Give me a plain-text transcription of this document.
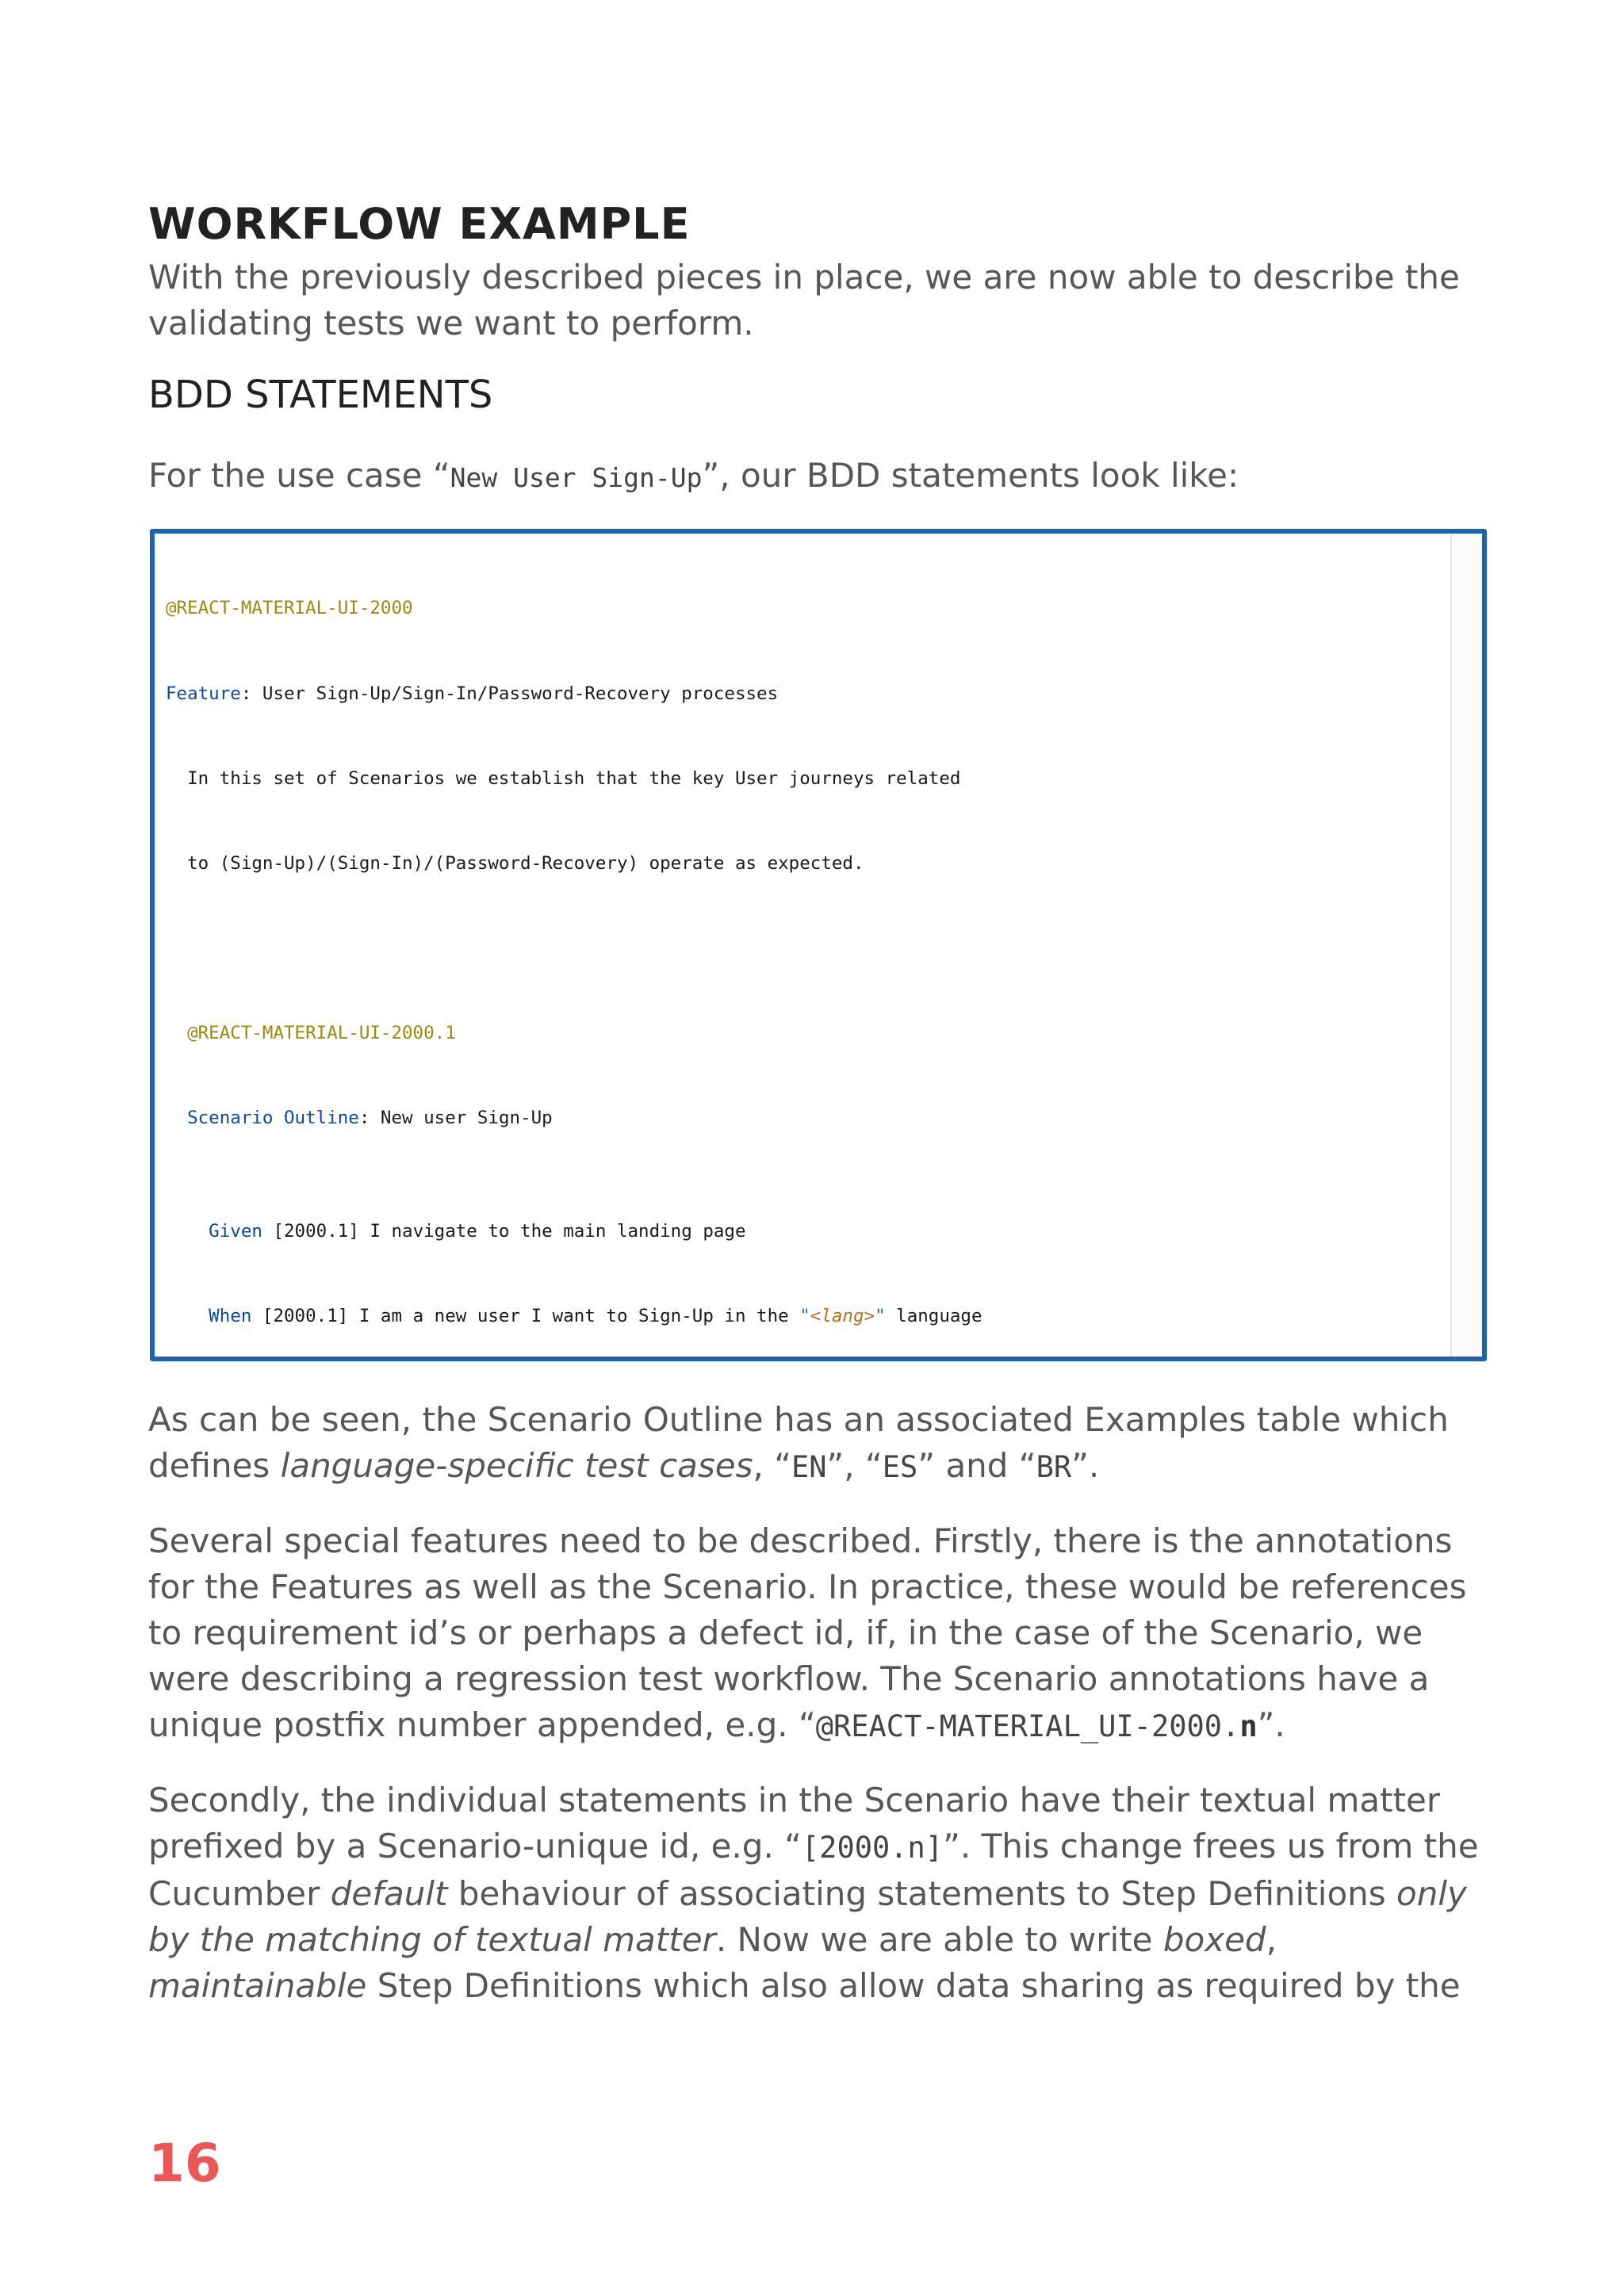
WORKFLOW EXAMPLE

With the previously described pieces in place, we are now able to describe the validating tests we want to perform.

BDD STATEMENTS

For the use case “New User Sign-Up”, our BDD statements look like:

@REACT-MATERIAL-UI-2000

Feature: User Sign-Up/Sign-In/Password-Recovery processes

In this set of Scenarios we establish that the key User journeys related

to (Sign-Up)/(Sign-In)/(Password-Recovery) operate as expected.

@REACT-MATERIAL-UI-2000.1

Scenario Outline: New user Sign-Up

Given [2000.1] I navigate to the main landing page

When [2000.1] I am a new user I want to Sign-Up in the "<lang>" language

As can be seen, the Scenario Outline has an associated Examples table which defines language-specific test cases, “EN”, “ES” and “BR”.

Several special features need to be described. Firstly, there is the annotations for the Features as well as the Scenario. In practice, these would be references to requirement id’s or perhaps a defect id, if, in the case of the Scenario, we were describing a regression test workflow. The Scenario annotations have a unique postfix number appended, e.g. “@REACT-MATERIAL_UI-2000.n”.

Secondly, the individual statements in the Scenario have their textual matter prefixed by a Scenario-unique id, e.g. “[2000.n]”. This change frees us from the Cucumber default behaviour of associating statements to Step Definitions only by the matching of textual matter. Now we are able to write boxed, maintainable Step Definitions which also allow data sharing as required by the

16
